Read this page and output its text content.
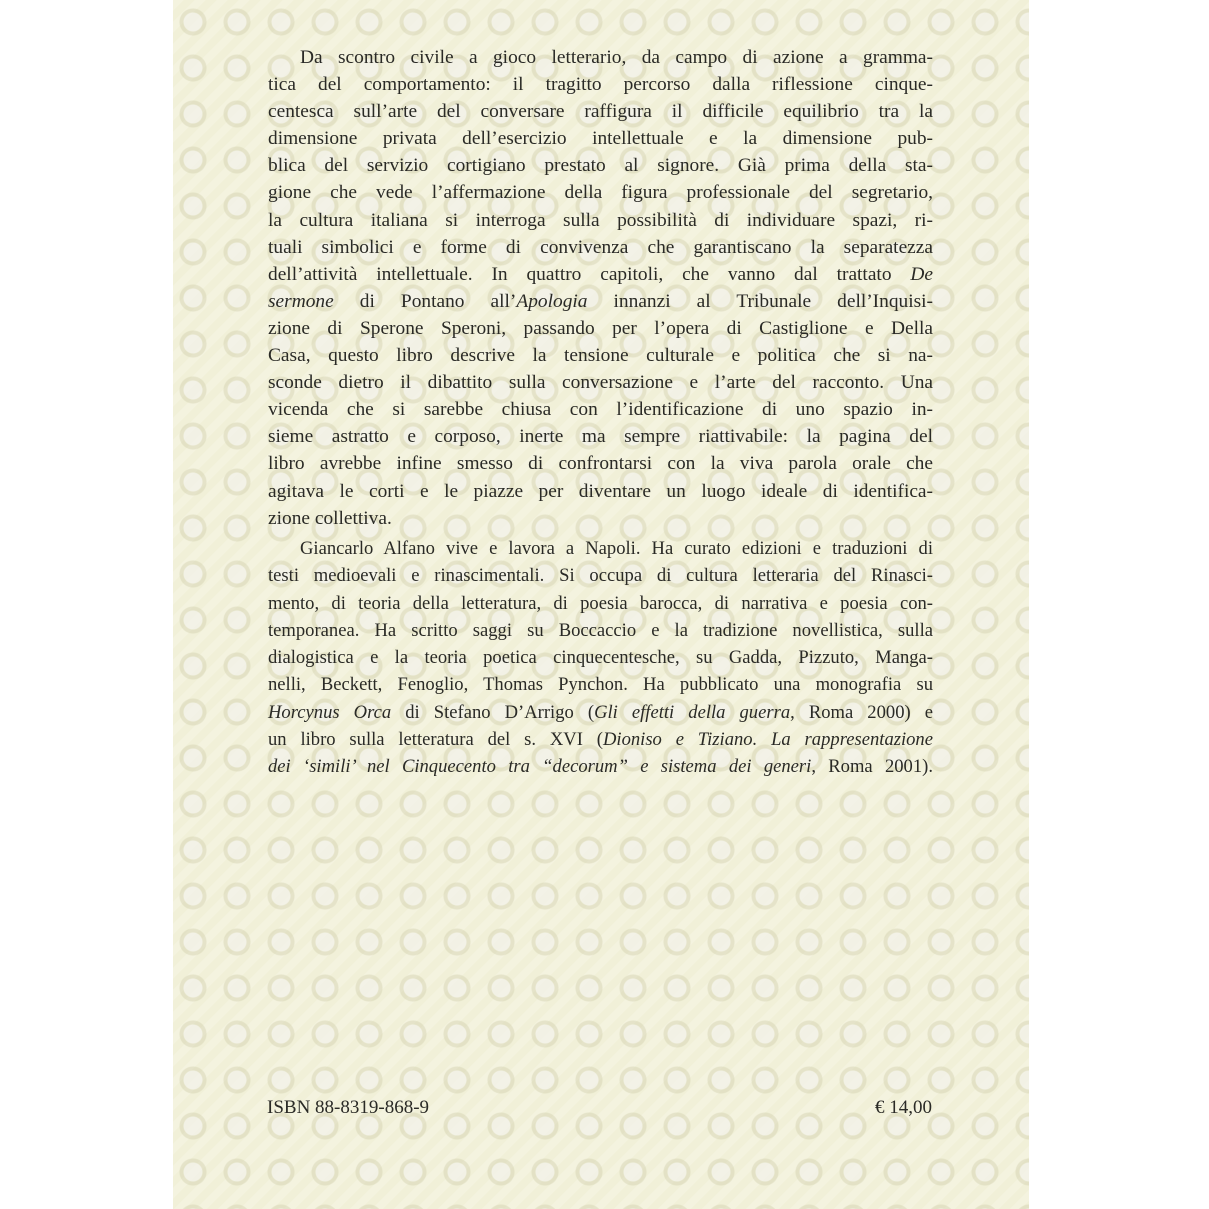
Da scontro civile a gioco letterario, da campo di azione a gramma-
tica del comportamento: il tragitto percorso dalla riflessione cinque-
centesca sull’arte del conversare raffigura il difficile equilibrio tra la
dimensione privata dell’esercizio intellettuale e la dimensione pub-
blica del servizio cortigiano prestato al signore. Già prima della sta-
gione che vede l’affermazione della figura professionale del segretario,
la cultura italiana si interroga sulla possibilità di individuare spazi, ri-
tuali simbolici e forme di convivenza che garantiscano la separatezza
dell’attività intellettuale. In quattro capitoli, che vanno dal trattato De
sermone di Pontano all’Apologia innanzi al Tribunale dell’Inquisi-
zione di Sperone Speroni, passando per l’opera di Castiglione e Della
Casa, questo libro descrive la tensione culturale e politica che si na-
sconde dietro il dibattito sulla conversazione e l’arte del racconto. Una
vicenda che si sarebbe chiusa con l’identificazione di uno spazio in-
sieme astratto e corposo, inerte ma sempre riattivabile: la pagina del
libro avrebbe infine smesso di confrontarsi con la viva parola orale che
agitava le corti e le piazze per diventare un luogo ideale di identifica-
zione collettiva.
Giancarlo Alfano vive e lavora a Napoli. Ha curato edizioni e traduzioni di
testi medioevali e rinascimentali. Si occupa di cultura letteraria del Rinasci-
mento, di teoria della letteratura, di poesia barocca, di narrativa e poesia con-
temporanea. Ha scritto saggi su Boccaccio e la tradizione novellistica, sulla
dialogistica e la teoria poetica cinquecentesche, su Gadda, Pizzuto, Manga-
nelli, Beckett, Fenoglio, Thomas Pynchon. Ha pubblicato una monografia su
Horcynus Orca di Stefano D’Arrigo (Gli effetti della guerra, Roma 2000) e
un libro sulla letteratura del s. XVI (Dioniso e Tiziano. La rappresentazione
dei ‘simili’ nel Cinquecento tra “decorum” e sistema dei generi, Roma 2001).
ISBN 88-8319-868-9	€ 14,00
